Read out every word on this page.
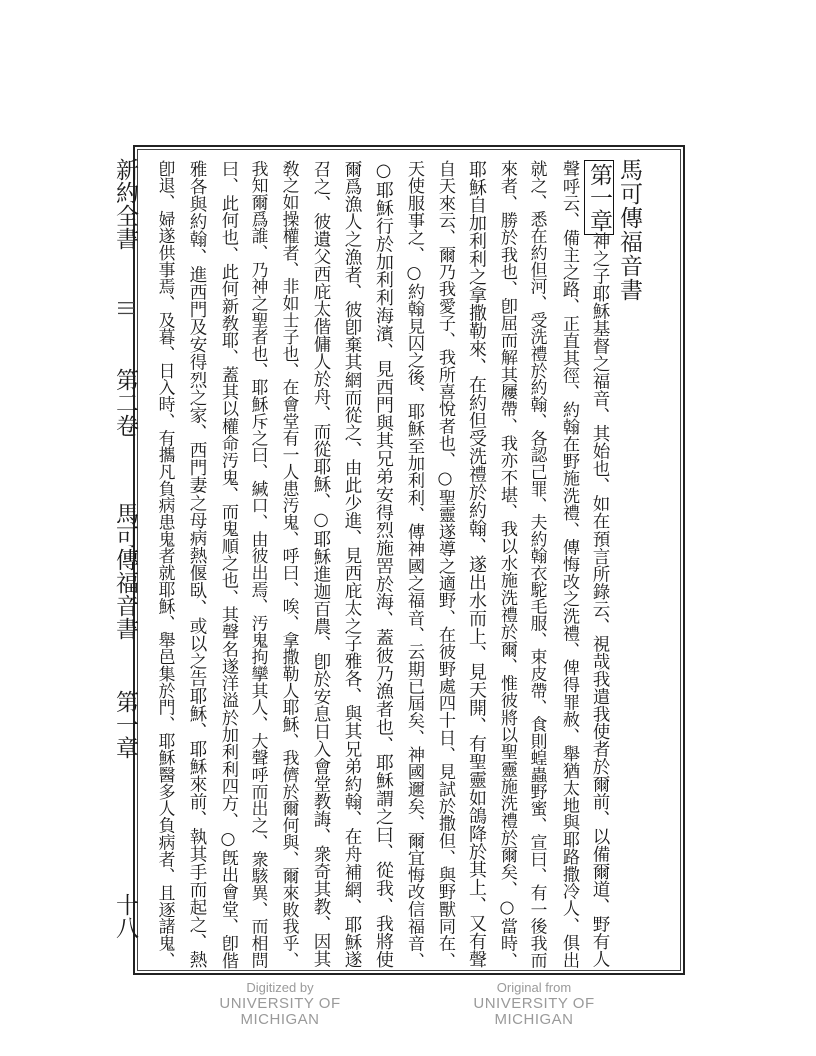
馬可傳福音書
第一章
神之子耶穌基督之福音、其始也、如在預言所錄云、視哉我遣我使者於爾前、以備爾道、野有人
聲呼云、備主之路、正直其徑、約翰在野施洗禮、傳悔改之洗禮、俾得罪赦、舉猶太地與耶路撒冷人、俱出
就之、悉在約但河、受洗禮於約翰、各認己罪、夫約翰衣駝毛服、束皮帶、食則蝗蟲野蜜、宣曰、有一後我而
來者、勝於我也、卽屈而解其屨帶、我亦不堪、我以水施洗禮於爾、惟彼將以聖靈施洗禮於爾矣、○當時、
耶穌自加利利之拿撒勒來、在約但受洗禮於約翰、遂出水而上、見天開、有聖靈如鴿降於其上、又有聲
自天來云、爾乃我愛子、我所喜悅者也、○聖靈遂導之適野、在彼野處四十日、見試於撒但、與野獸同在、
天使服事之、○約翰見囚之後、耶穌至加利利、傳神國之福音、云期已屆矣、神國邇矣、爾宜悔改信福音、
○耶穌行於加利利海濱、見西門與其兄弟安得烈施罟於海、蓋彼乃漁者也、耶穌謂之曰、從我、我將使
爾爲漁人之漁者、彼卽棄其網而從之、由此少進、見西庇太之子雅各、與其兄弟約翰、在舟補網、耶穌遂
召之、彼遺父西庇太偕傭人於舟、而從耶穌、○耶穌進迦百農、卽於安息日入會堂教誨、衆奇其教、因其
敎之如操權者、非如士子也、在會堂有一人患汚鬼、呼曰、唉、拿撒勒人耶穌、我儕於爾何與、爾來敗我乎、
我知爾爲誰、乃神之聖者也、耶穌斥之曰、緘口、由彼出焉、汚鬼拘攣其人、大聲呼而出之、衆駭異、而相問
曰、此何也、此何新敎耶、蓋其以權命汚鬼、而鬼順之也、其聲名遂洋溢於加利利四方、○旣出會堂、卽偕
雅各與約翰、進西門及安得烈之家、西門妻之母病熱偃臥、或以之告耶穌、耶穌來前、執其手而起之、熱
卽退、婦遂供事焉、及暮、日入時、有攜凡負病患鬼者就耶穌、舉邑集於門、耶穌醫多人負病者、且逐諸鬼、
新約全書
|||
第二卷
馬可傳福音書
第一章
十八
Digitized by
UNIVERSITY OF MICHIGAN
Original from
UNIVERSITY OF MICHIGAN
